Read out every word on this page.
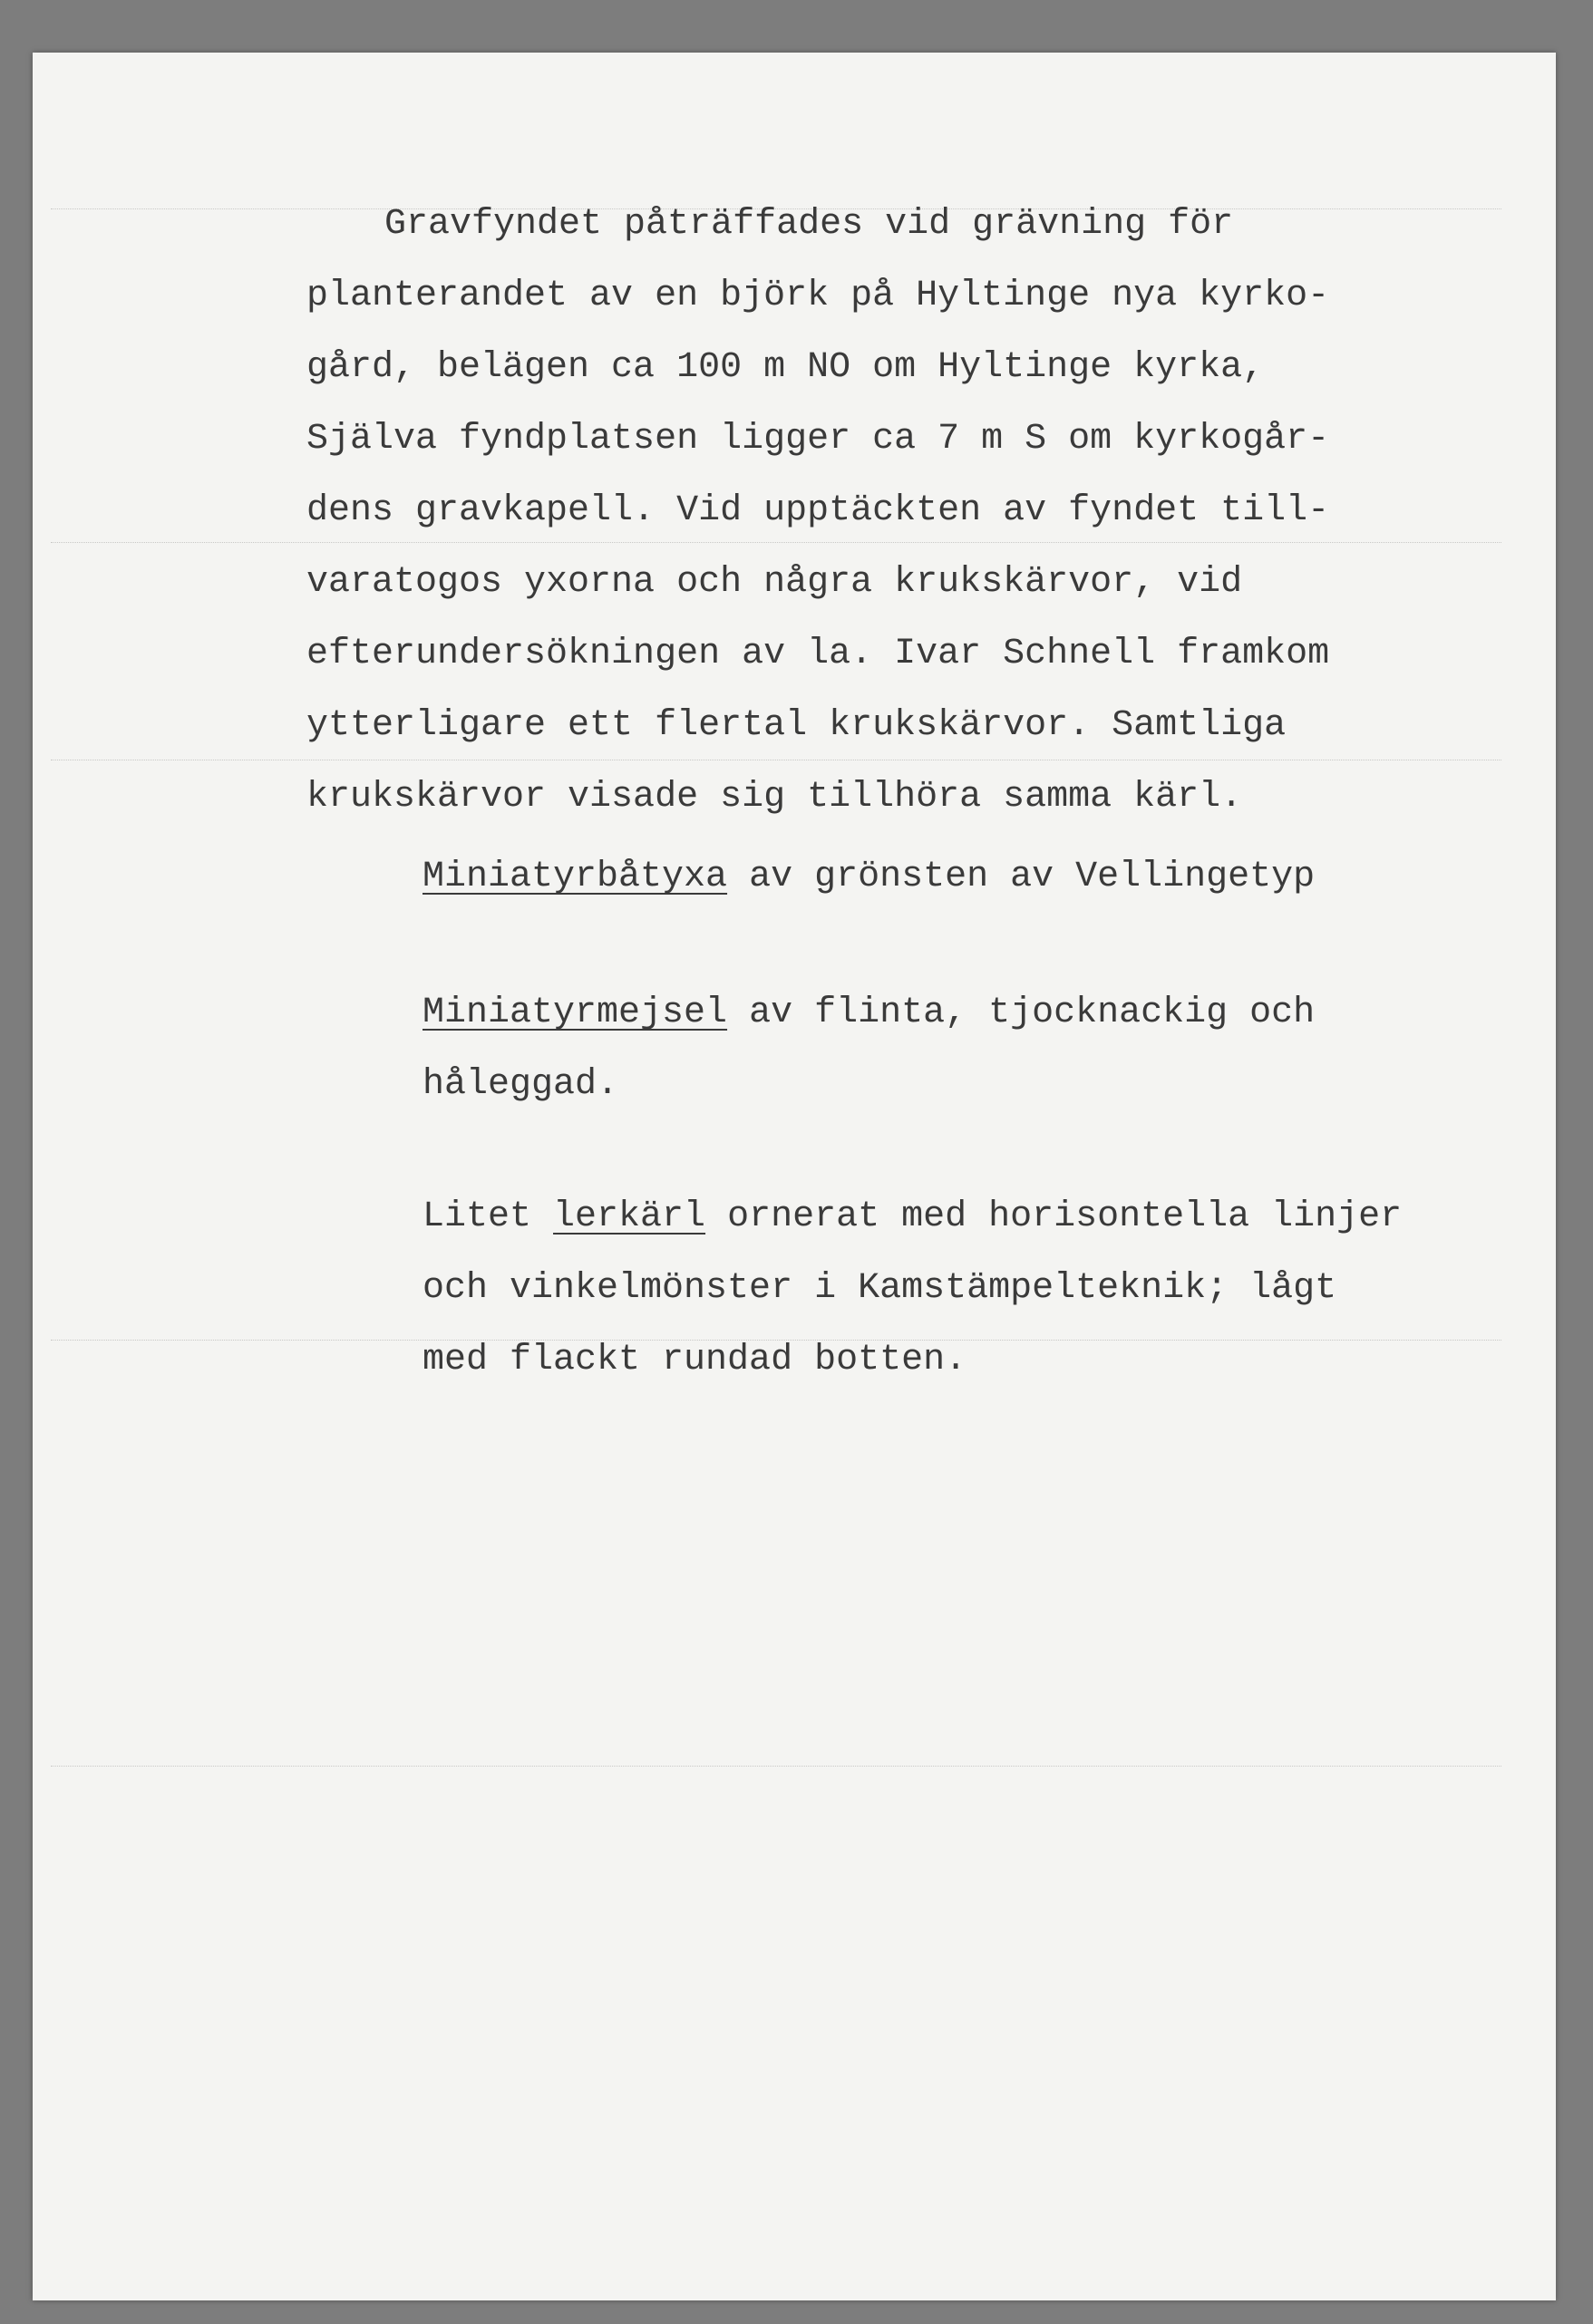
Gravfyndet påträffades vid grävning för

planterandet av en björk på Hyltinge nya kyrko-

gård, belägen ca 100 m NO om Hyltinge kyrka,

Själva fyndplatsen ligger ca 7 m S om kyrkogår-

dens gravkapell. Vid upptäckten av fyndet till-

varatogos yxorna och några krukskärvor, vid

efterundersökningen av la. Ivar Schnell framkom

ytterligare ett flertal krukskärvor. Samtliga

krukskärvor visade sig tillhöra samma kärl.

Miniatyrbåtyxa av grönsten av Vellingetyp

Miniatyrmejsel av flinta, tjocknackig och

håleggad.

Litet lerkärl ornerat med horisontella linjer

och vinkelmönster i Kamstämpelteknik; lågt

med flackt rundad botten.
